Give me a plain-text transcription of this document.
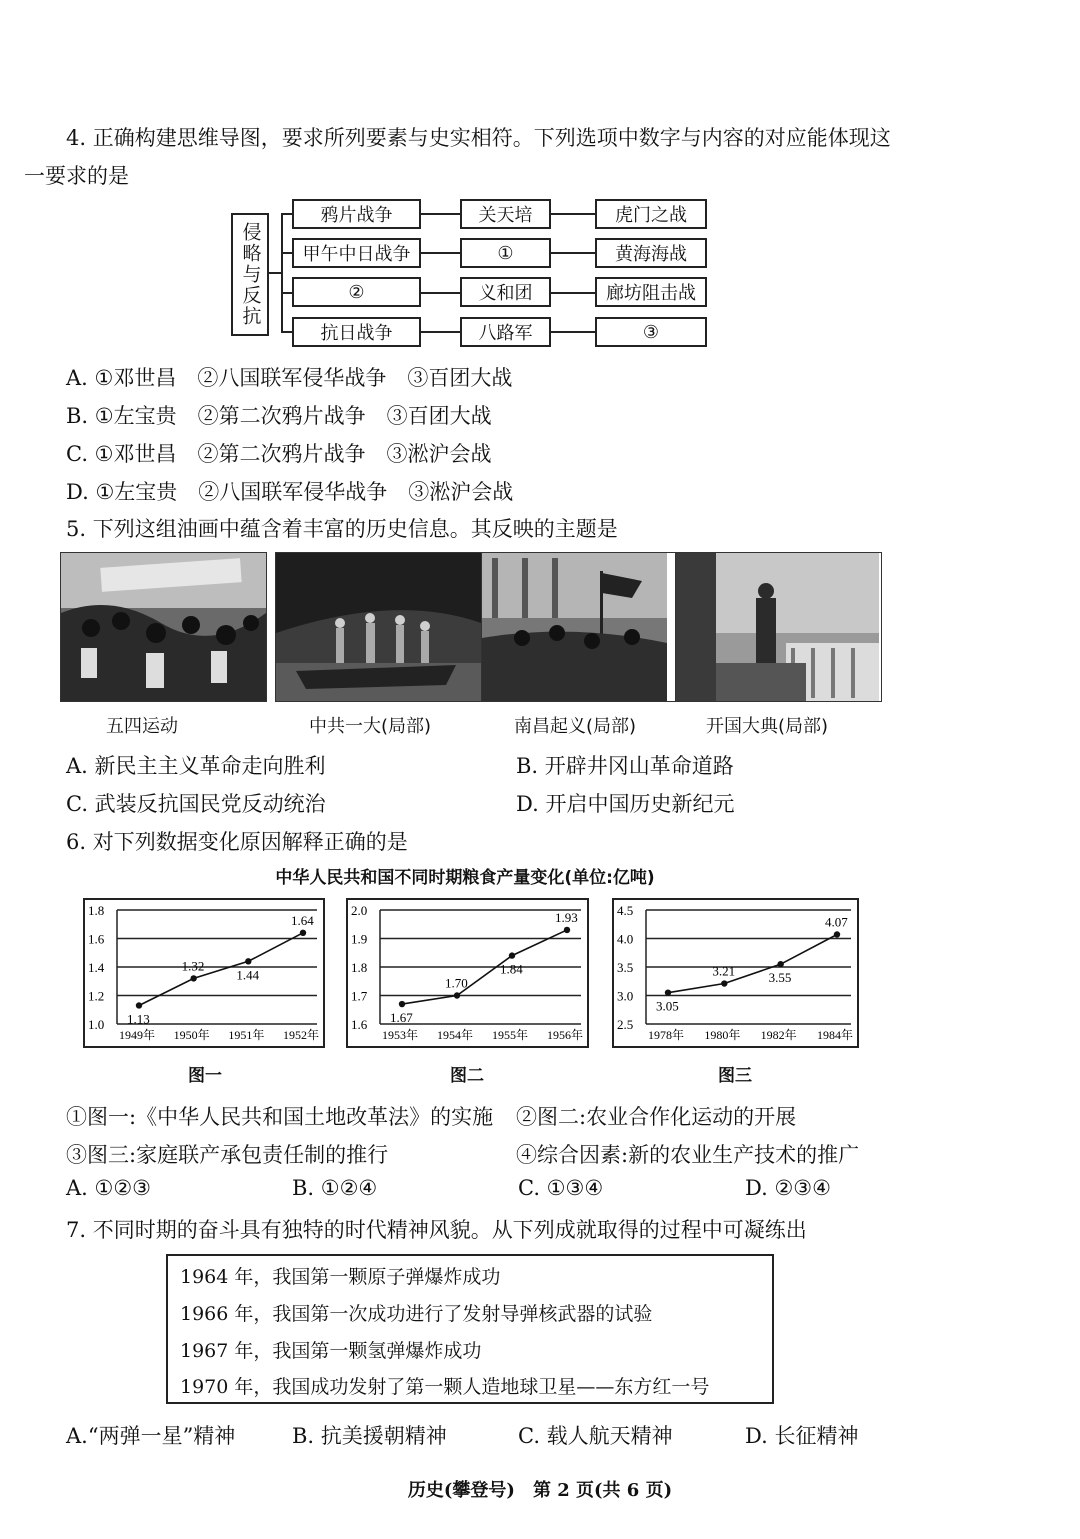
4. 正确构建思维导图，要求所列要素与史实相符。下列选项中数字与内容的对应能体现这
一要求的是
侵略与反抗
鸦片战争	关天培	虎门之战
甲午中日战争	①	黄海海战
②	义和团	廊坊阻击战
抗日战争	八路军	③
A. ①邓世昌　②八国联军侵华战争　③百团大战
B. ①左宝贵　②第二次鸦片战争　③百团大战
C. ①邓世昌　②第二次鸦片战争　③淞沪会战
D. ①左宝贵　②八国联军侵华战争　③淞沪会战
5. 下列这组油画中蕴含着丰富的历史信息。其反映的主题是
五四运动	中共一大(局部)	南昌起义(局部)	开国大典(局部)
A. 新民主主义革命走向胜利	B. 开辟井冈山革命道路
C. 武装反抗国民党反动统治	D. 开启中国历史新纪元
6. 对下列数据变化原因解释正确的是
中华人民共和国不同时期粮食产量变化(单位:亿吨)
1.0
1.2
1.4
1.6
1.8
1949年 1950年 1951年 1952年
1.13
1.32
1.44
1.64
1.6
1.7
1.8
1.9
2.0
1953年 1954年 1955年 1956年
1.67
1.70
1.84
1.93
2.5
3.0
3.5
4.0
4.5
1978年 1980年 1982年 1984年
3.05
3.21	3.55
4.07
图一	图二	图三
①图一:《中华人民共和国土地改革法》的实施 ②图二:农业合作化运动的开展
③图三:家庭联产承包责任制的推行	④综合因素:新的农业生产技术的推广
A. ①②③	B. ①②④	C. ①③④	D. ②③④
7. 不同时期的奋斗具有独特的时代精神风貌。从下列成就取得的过程中可凝练出
1964 年，我国第一颗原子弹爆炸成功
1966 年，我国第一次成功进行了发射导弹核武器的试验
1967 年，我国第一颗氢弹爆炸成功
1970 年，我国成功发射了第一颗人造地球卫星——东方红一号
A.“两弹一星”精神	B. 抗美援朝精神	C. 载人航天精神	D. 长征精神
历史(攀登号)　第 2 页(共 6 页)
